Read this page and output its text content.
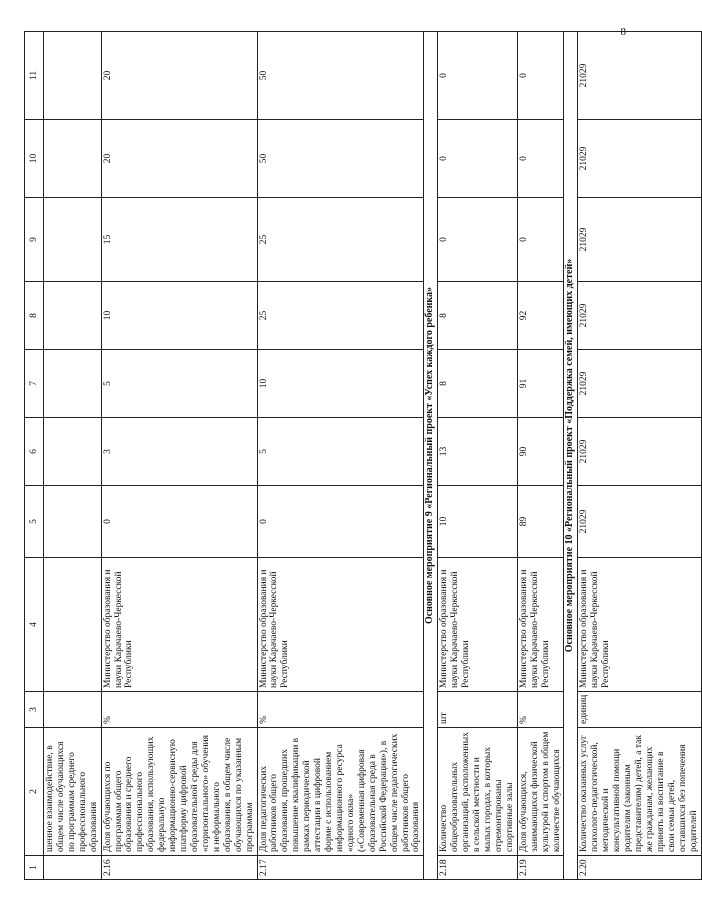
8
1	2	3	4	5	6	7	8	9	10	11
	шенное взаимодействие, в общем числе обучающихся по программам среднего профессионального образования									
2.16	Доля обучающихся по программам общего образования и среднего профессионального образования, использующих федеральную информационно-сервисную платформу цифровой образовательной среды для «горизонтального» обучения и неформального образования, в общем числе обучающихся по указанным программам	%	Министерство образования и науки Карачаево-Черкесской Республики	0	3	5	10	15	20	20
2.17	Доля педагогических работников общего образования, прошедших повышение квалификации в рамках периодической аттестации в цифровой форме с использованием информационного ресурса «одного окна» («Современная цифровая образовательная среда в Российской Федерации»), в общем числе педагогических работников общего образования	%	Министерство образования и науки Карачаево-Черкесской Республики	0	5	10	25	25	50	50
Основное мероприятие 9 «Региональный проект «Успех каждого ребенка»										
2.18	Количество общеобразовательных организаций, расположенных в сельской местности и малых городах, в которых отремонтированы спортивные залы	шт	Министерство образования и науки Карачаево-Черкесской Республики	10	13	8	8	0	0	0
2.19	Доля обучающихся, занимающихся физической культурой и спортом в общем количестве обучающихся	%	Министерство образования и науки Карачаево-Черкесской Республики	89	90	91	92	0	0	0
Основное мероприятие 10 «Региональный проект «Поддержка семей, имеющих детей»										
2.20	Количество оказанных услуг психолого-педагогической, методической и консультативной помощи родителям (законным представителям) детей, а так же гражданам, желающих принять на воспитание в свои семьи детей, оставшихся без попечения родителей	единиц	Министерство образования и науки Карачаево-Черкесской Республики	21029	21029	21029	21029	21029	21029	21029
